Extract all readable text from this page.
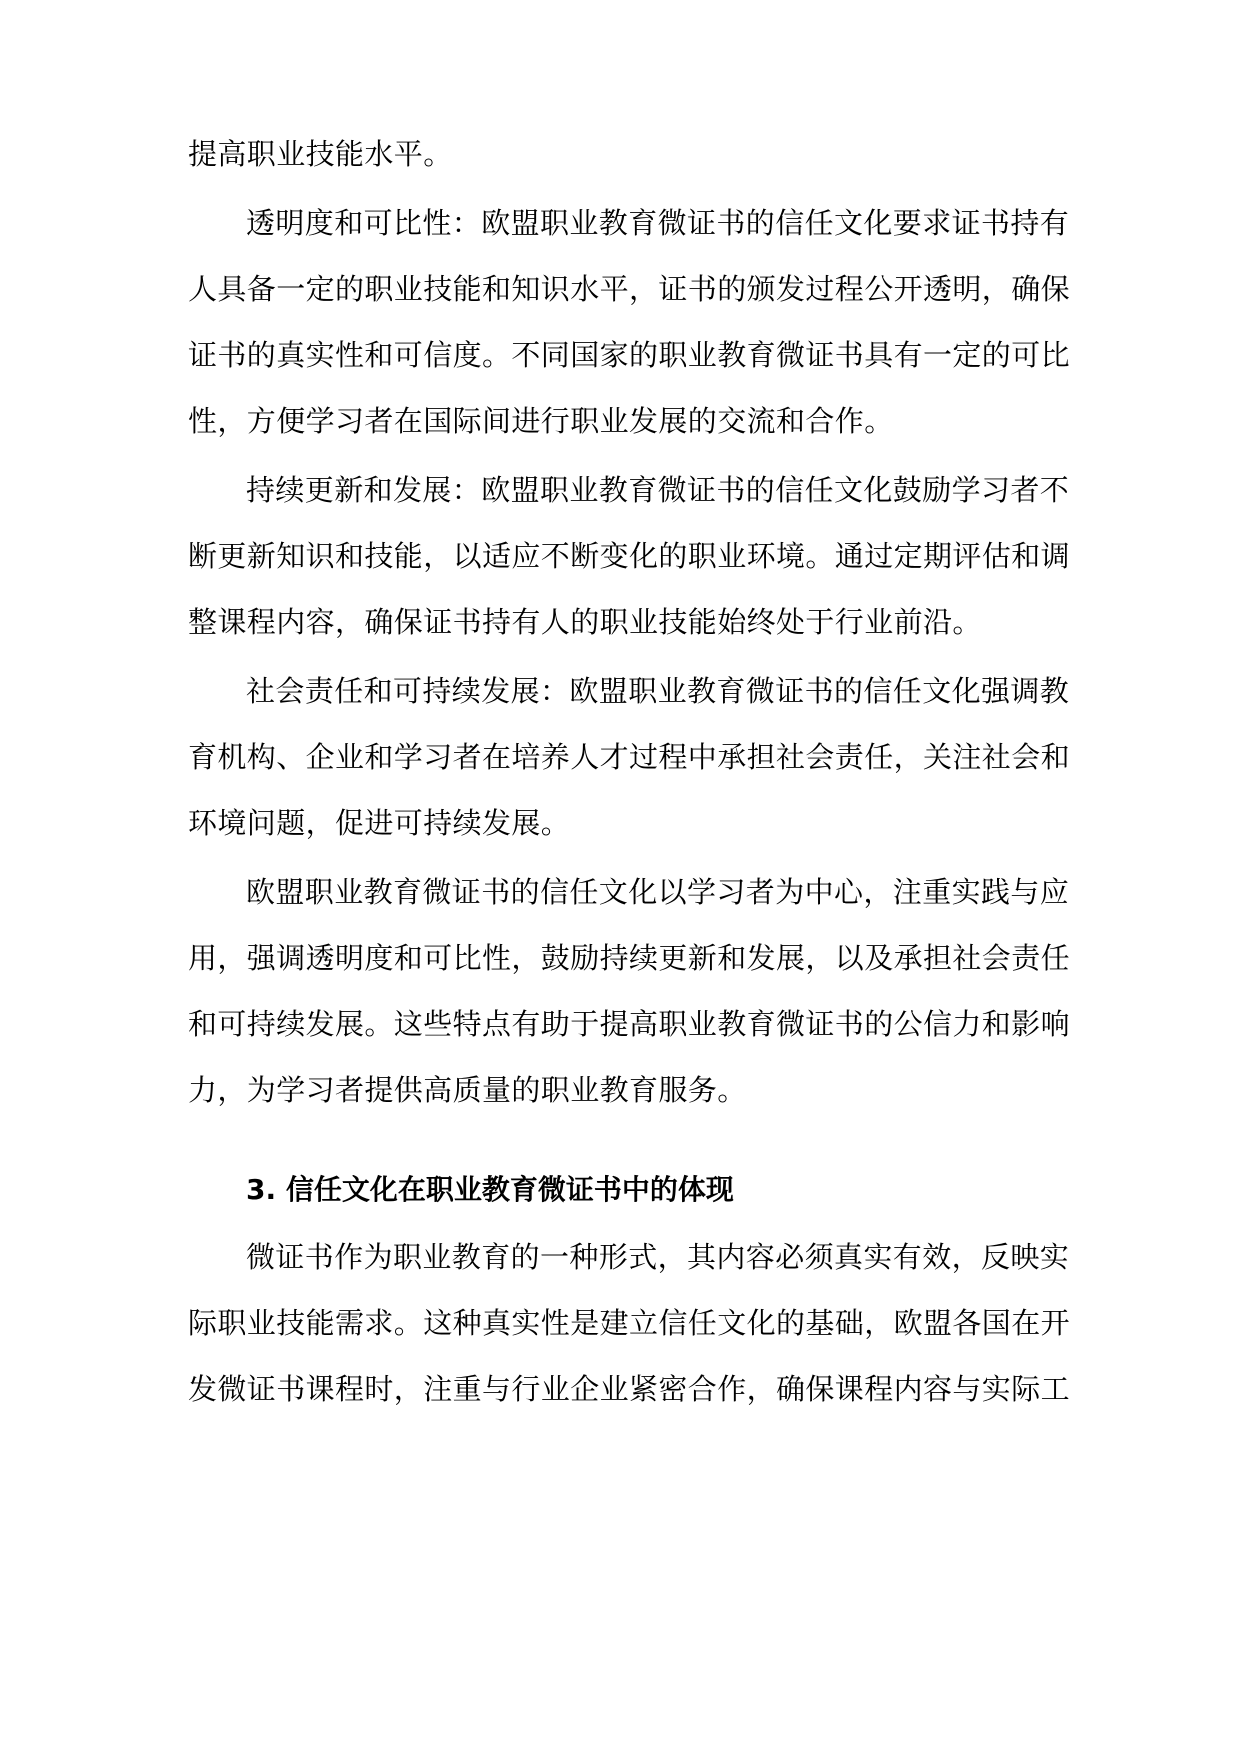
提高职业技能水平。
透明度和可比性：欧盟职业教育微证书的信任文化要求证书持有
人具备一定的职业技能和知识水平，证书的颁发过程公开透明，确保
证书的真实性和可信度。不同国家的职业教育微证书具有一定的可比
性，方便学习者在国际间进行职业发展的交流和合作。
持续更新和发展：欧盟职业教育微证书的信任文化鼓励学习者不
断更新知识和技能，以适应不断变化的职业环境。通过定期评估和调
整课程内容，确保证书持有人的职业技能始终处于行业前沿。
社会责任和可持续发展：欧盟职业教育微证书的信任文化强调教
育机构、企业和学习者在培养人才过程中承担社会责任，关注社会和
环境问题，促进可持续发展。
欧盟职业教育微证书的信任文化以学习者为中心，注重实践与应
用，强调透明度和可比性，鼓励持续更新和发展，以及承担社会责任
和可持续发展。这些特点有助于提高职业教育微证书的公信力和影响
力，为学习者提供高质量的职业教育服务。
3. 信任文化在职业教育微证书中的体现
微证书作为职业教育的一种形式，其内容必须真实有效，反映实
际职业技能需求。这种真实性是建立信任文化的基础，欧盟各国在开
发微证书课程时，注重与行业企业紧密合作，确保课程内容与实际工
